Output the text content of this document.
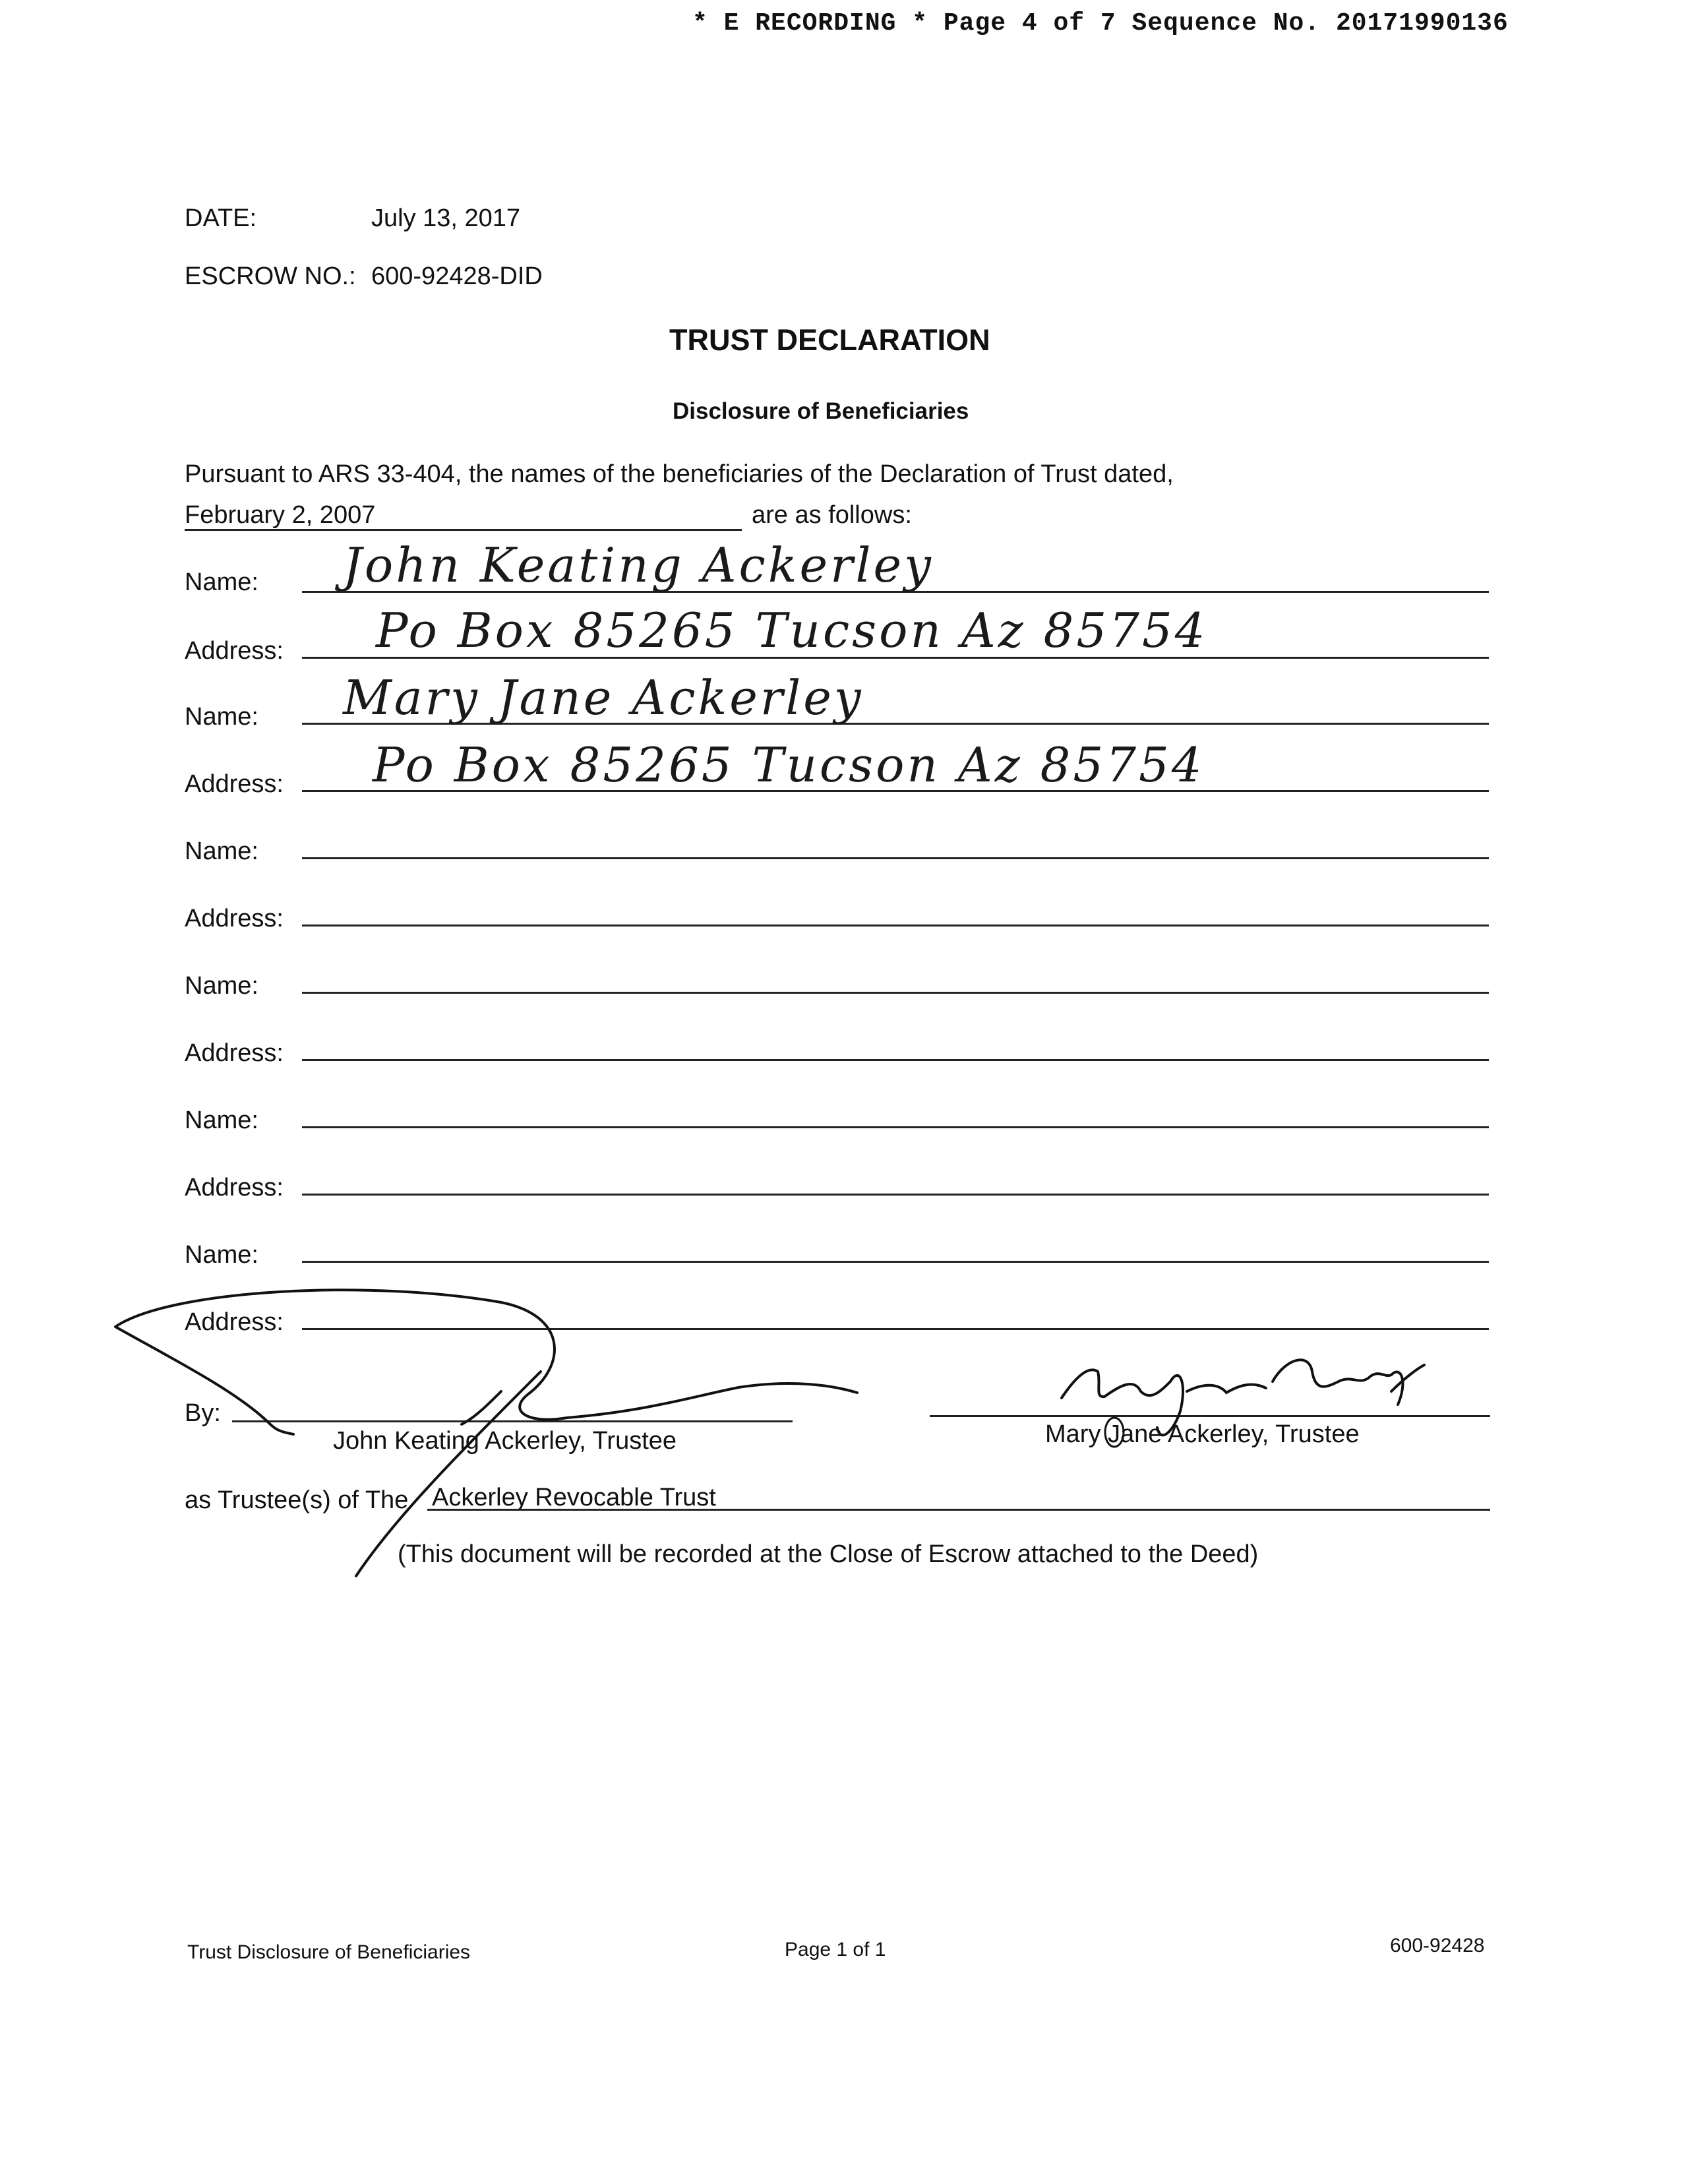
* E RECORDING * Page 4 of 7 Sequence No. 20171990136
DATE:	July 13, 2017
ESCROW NO.: 600-92428-DID
TRUST DECLARATION
Disclosure of Beneficiaries
Pursuant to ARS 33-404, the names of the beneficiaries of the Declaration of Trust dated,
February 2, 2007	are as follows:
Name: John Keating Ackerley
Address: Po Box 85265 Tucson Az 85754
Name: Mary Jane Ackerley
Address: Po Box 85265 Tucson Az 85754
Name:
Address:
Name:
Address:
Name:
Address:
Name:
Address:
By:
John Keating Ackerley, Trustee	Mary Jane Ackerley, Trustee
as Trustee(s) of The Ackerley Revocable Trust
(This document will be recorded at the Close of Escrow attached to the Deed)
Trust Disclosure of Beneficiaries	Page 1 of 1	600-92428
